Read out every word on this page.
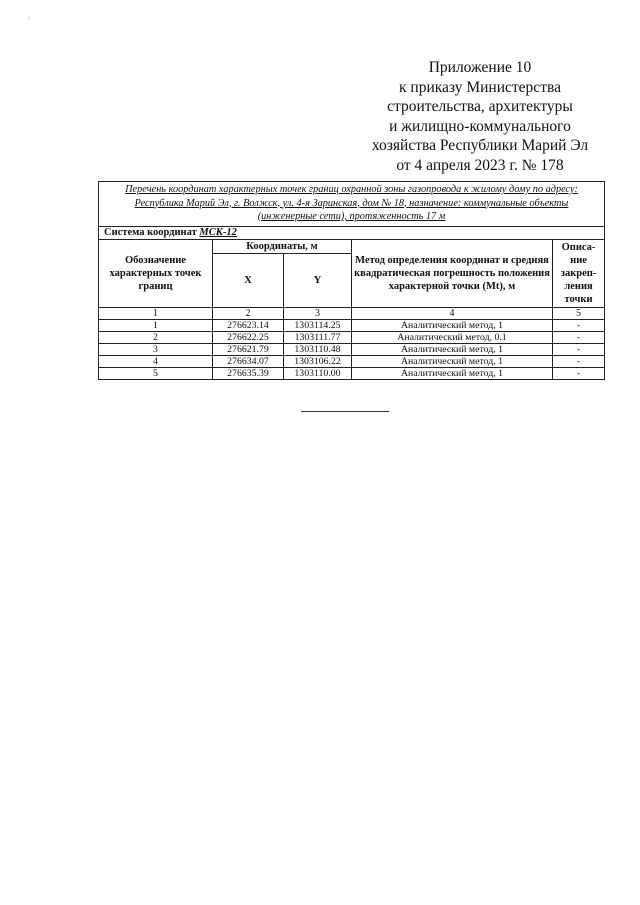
'
Приложение 10
к приказу Министерства
строительства, архитектуры
и жилищно-коммунального
хозяйства Республики Марий Эл
от 4 апреля 2023 г. № 178
Перечень координат характерных точек границ охранной зоны газопровода к жилому дому по адресу: Республика Марий Эл, г. Волжск, ул. 4-я Заринская, дом № 18, назначение: коммунальные объекты (инженерные сети), протяженность 17 м				
Система координат МСК-12				
Обозначение характерных точек границ	Координаты, м		Метод определения координат и средняя квадратическая погрешность положения характерной точки (Mt), м	Описа-ние закреп-ления точки
	X	Y		
1	2	3	4	5
1	276623.14	1303114.25	Аналитический метод, 1	-
2	276622.25	1303111.77	Аналитический метод, 0.1	-
3	276621.79	1303110.48	Аналитический метод, 1	-
4	276634.07	1303106.22	Аналитический метод, 1	-
5	276635.39	1303110.00	Аналитический метод, 1	-
